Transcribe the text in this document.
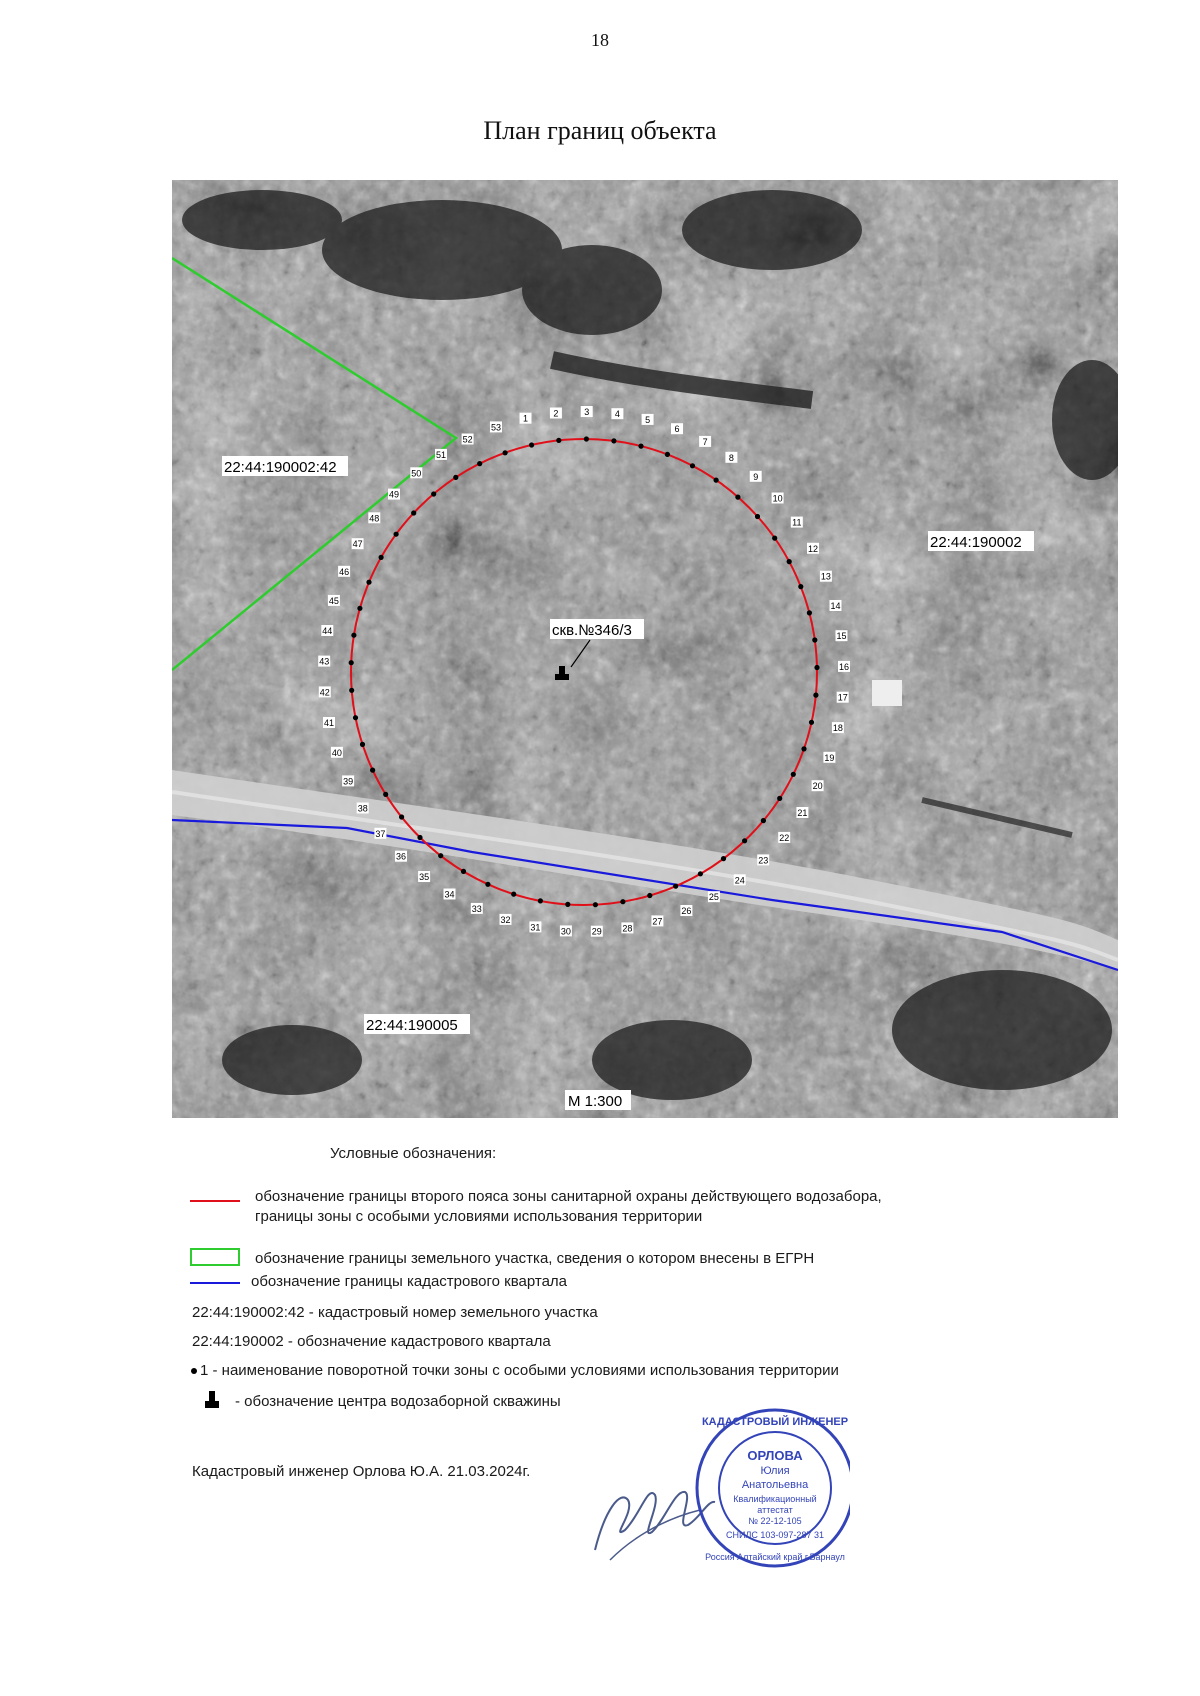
18
План границ объекта
1
2	3	4
5
6
7
8
9
10
11
12
13
14
15
16
17
18
19
20
21
22
23
24
25
26
27
28
29
30
31
32
33
34
35
36
37
38
39
40
41
42
43
44
45
46
47
48
49
50
51
52
53
22:44:190002:42
22:44:190002
22:44:190005
скв.№346/3
М 1:300
Условные обозначения:
обозначение границы второго пояса зоны санитарной охраны действующего водозабора,
границы зоны с особыми условиями использования территории
обозначение границы земельного участка, сведения о котором внесены в ЕГРН
обозначение границы кадастрового квартала
22:44:190002:42 - кадастровый номер земельного участка
22:44:190002 - обозначение кадастрового квартала
1 - наименование поворотной точки зоны с особыми условиями использования территории
- обозначение центра водозаборной скважины
Кадастровый инженер Орлова Ю.А. 21.03.2024г.
КАДАСТРОВЫЙ ИНЖЕНЕР
Россия Алтайский край г.Барнаул
ОРЛОВА
Юлия
Анатольевна
Квалификационный
аттестат
№ 22-12-105
СНИЛС 103-097-287 31
